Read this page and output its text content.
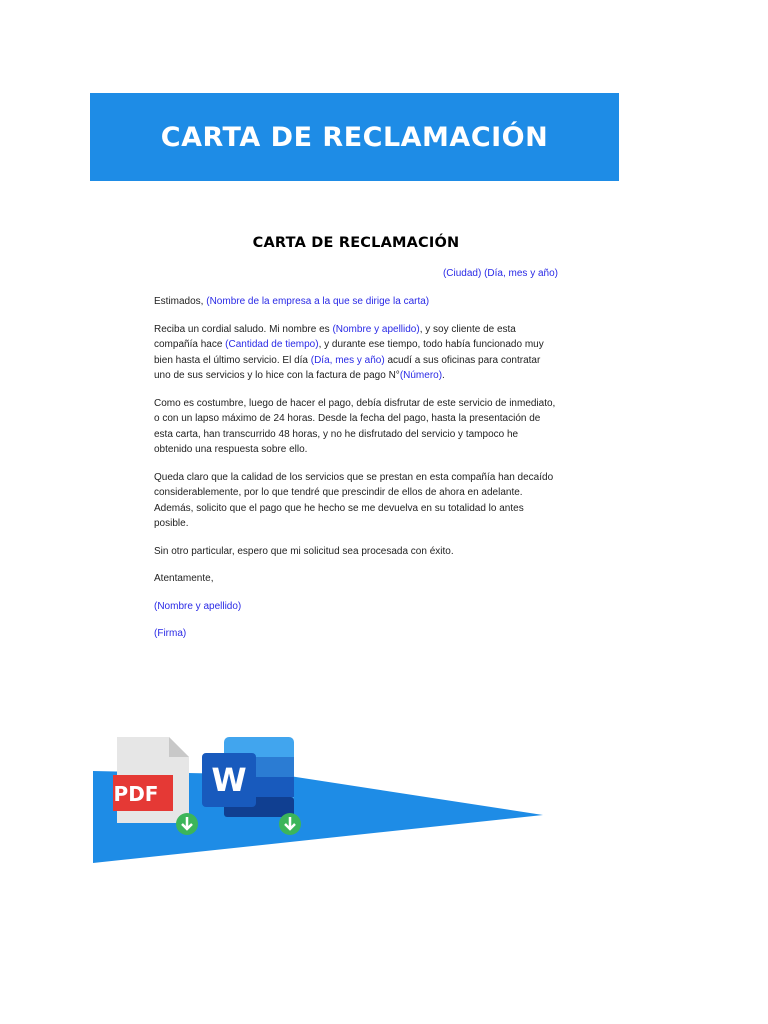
CARTA DE RECLAMACIÓN
CARTA DE RECLAMACIÓN
(Ciudad) (Día, mes y año)

Estimados, (Nombre de la empresa a la que se dirige la carta)

Reciba un cordial saludo. Mi nombre es (Nombre y apellido), y soy cliente de esta compañía hace (Cantidad de tiempo), y durante ese tiempo, todo había funcionado muy bien hasta el último servicio. El día (Día, mes y año) acudí a sus oficinas para contratar uno de sus servicios y lo hice con la factura de pago N°(Número).

Como es costumbre, luego de hacer el pago, debía disfrutar de este servicio de inmediato, o con un lapso máximo de 24 horas. Desde la fecha del pago, hasta la presentación de esta carta, han transcurrido 48 horas, y no he disfrutado del servicio y tampoco he obtenido una respuesta sobre ello.

Queda claro que la calidad de los servicios que se prestan en esta compañía han decaído considerablemente, por lo que tendré que prescindir de ellos de ahora en adelante. Además, solicito que el pago que he hecho se me devuelva en su totalidad lo antes posible.

Sin otro particular, espero que mi solicitud sea procesada con éxito.

Atentamente,

(Nombre y apellido)

(Firma)

PDF W
